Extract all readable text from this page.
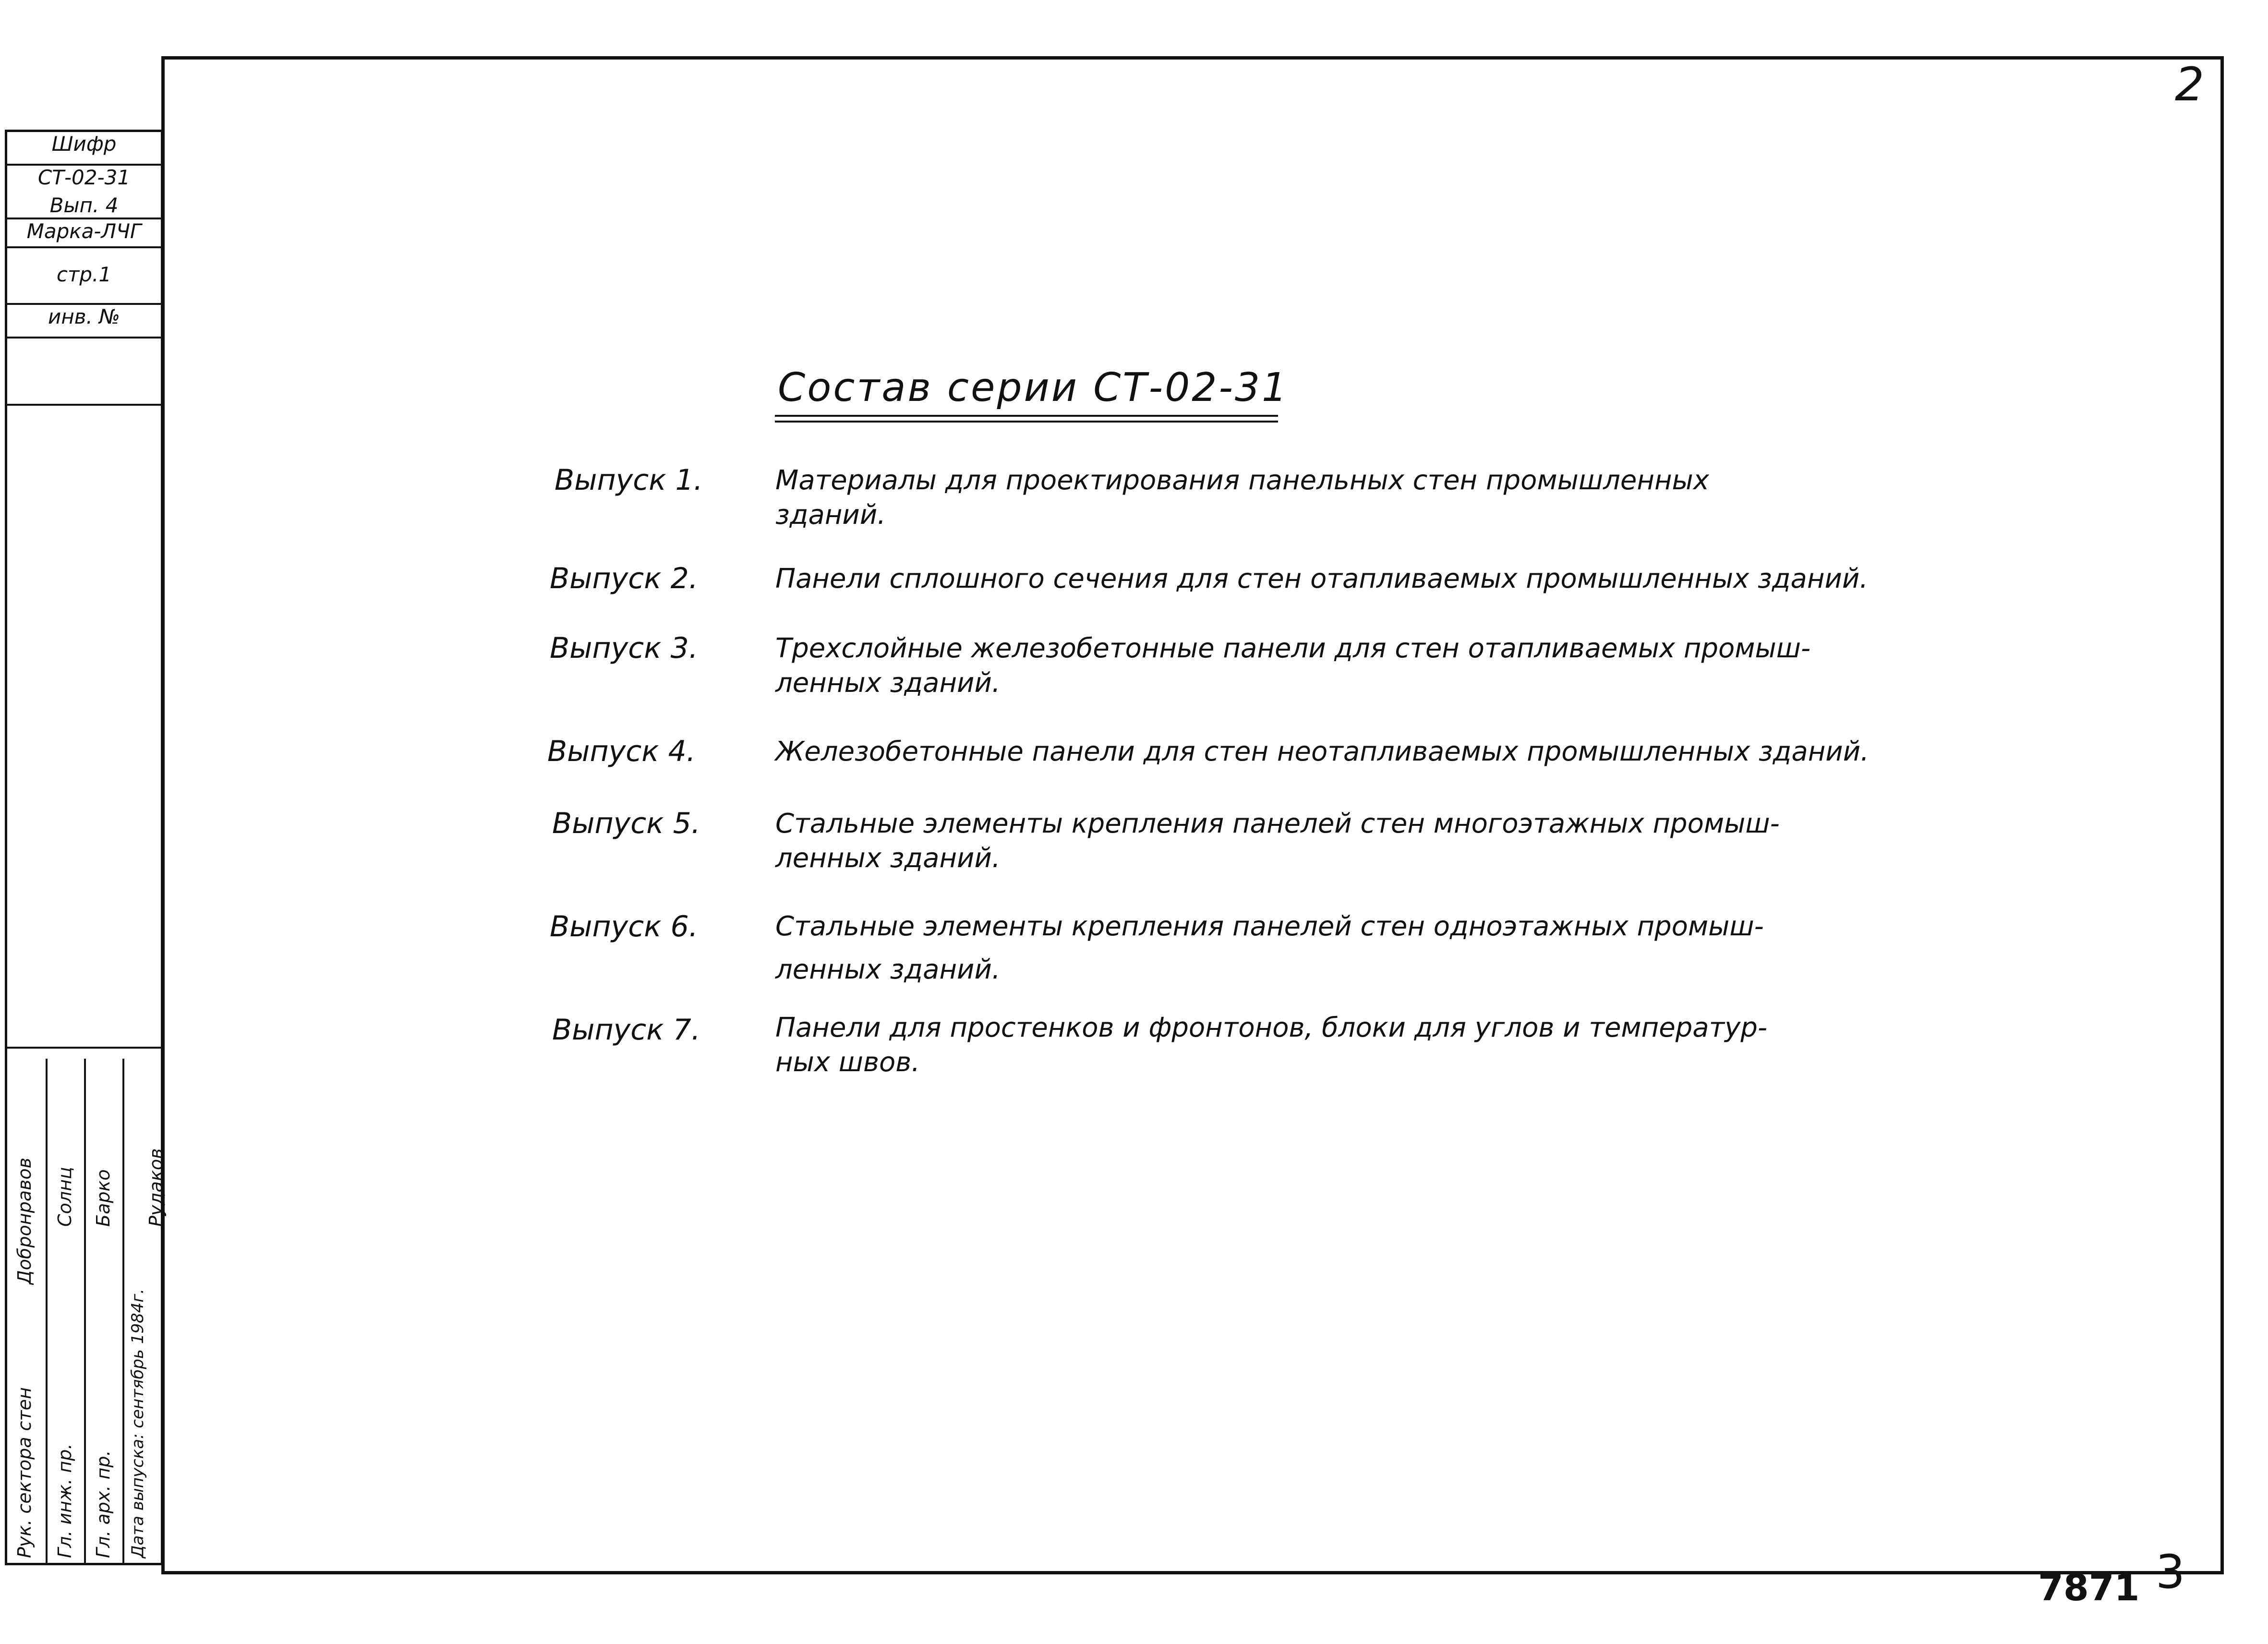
Шифр
СТ-02-31
Вып. 4
Марка-ЛЧГ
стр.1
инв. №
Рук. сектора стен
Добронравов
Гл. инж. пр.
Солнц
Гл. арх. пр.
Барко
Дата выпуска: сентябрь 1984г.
Рудаков
2
Состав серии СТ-02-31
Выпуск 1.	Материалы для проектирования панельных стен промышленных
зданий.
Выпуск 2.	Панели сплошного сечения для стен отапливаемых промышленных зданий.
Выпуск 3.	Трехслойные железобетонные панели для стен отапливаемых промыш-
ленных зданий.
Выпуск 4.	Железобетонные панели для стен неотапливаемых промышленных зданий.
Выпуск 5.	Стальные элементы крепления панелей стен многоэтажных промыш-
ленных зданий.
Выпуск 6.	Стальные элементы крепления панелей стен одноэтажных промыш-
ленных зданий.
Выпуск 7.	Панели для простенков и фронтонов, блоки для углов и температур-
ных швов.
7871 3
